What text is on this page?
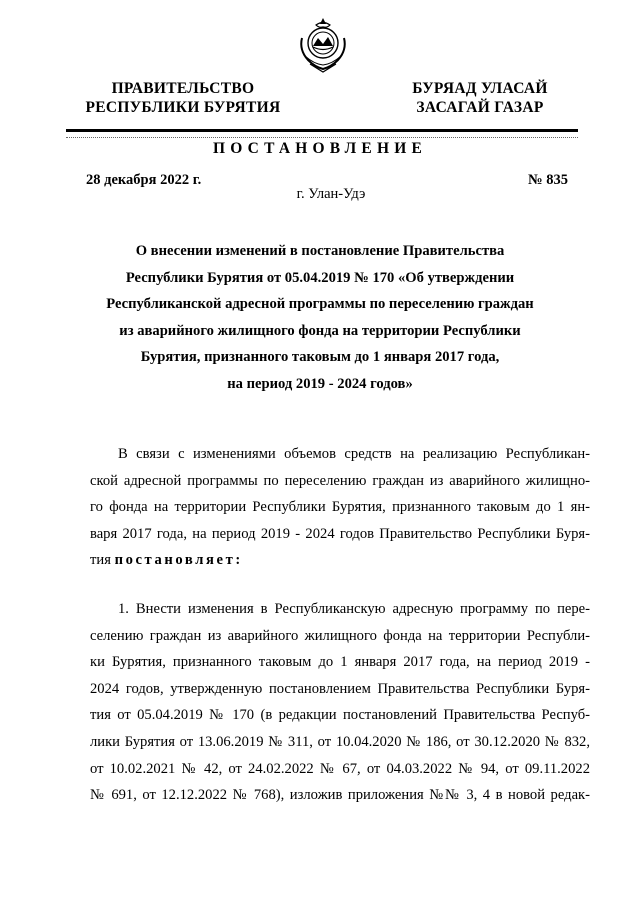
ПРАВИТЕЛЬСТВО
РЕСПУБЛИКИ БУРЯТИЯ
БУРЯАД УЛАСАЙ
ЗАСАГАЙ ГАЗАР
ПОСТАНОВЛЕНИЕ
28 декабря 2022 г.	№ 835
г. Улан-Удэ
О внесении изменений в постановление Правительства
Республики Бурятия от 05.04.2019 № 170 «Об утверждении
Республиканской адресной программы по переселению граждан
из аварийного жилищного фонда на территории Республики
Бурятия, признанного таковым до 1 января 2017 года,
на период 2019 - 2024 годов»
В связи с изменениями объемов средств на реализацию Республикан-
ской адресной программы по переселению граждан из аварийного жилищно-
го фонда на территории Республики Бурятия, признанного таковым до 1 ян-
варя 2017 года, на период 2019 - 2024 годов Правительство Республики Буря-
тия постановляет:
1. Внести изменения в Республиканскую адресную программу по пере-
селению граждан из аварийного жилищного фонда на территории Республи-
ки Бурятия, признанного таковым до 1 января 2017 года, на период 2019 -
2024 годов, утвержденную постановлением Правительства Республики Буря-
тия от 05.04.2019 № 170 (в редакции постановлений Правительства Респуб-
лики Бурятия от 13.06.2019 № 311, от 10.04.2020 № 186, от 30.12.2020 № 832,
от 10.02.2021 № 42, от 24.02.2022 № 67, от 04.03.2022 № 94, от 09.11.2022
№ 691, от 12.12.2022 № 768), изложив приложения №№ 3, 4 в новой редак-
